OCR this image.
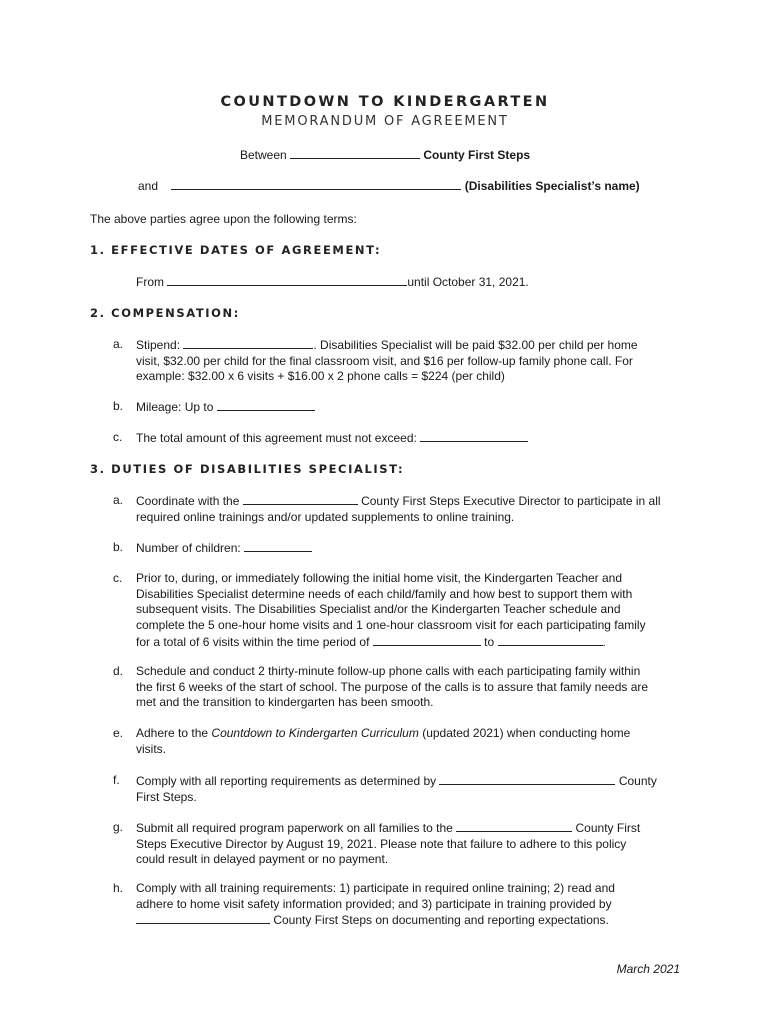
COUNTDOWN TO KINDERGARTEN
MEMORANDUM OF AGREEMENT
Between	County First Steps
and	(Disabilities Specialist’s name)
The above parties agree upon the following terms:
1. EFFECTIVE DATES OF AGREEMENT:
From	until October 31, 2021.
2. COMPENSATION:
a. Stipend:	. Disabilities Specialist will be paid $32.00 per child per home
visit, $32.00 per child for the final classroom visit, and $16 per follow-up family phone call. For
example: $32.00 x 6 visits + $16.00 x 2 phone calls = $224 (per child)
b. Mileage: Up to
c. The total amount of this agreement must not exceed:
3. DUTIES OF DISABILITIES SPECIALIST:
a. Coordinate with the	County First Steps Executive Director to participate in all
required online trainings and/or updated supplements to online training.
b. Number of children:
c. Prior to, during, or immediately following the initial home visit, the Kindergarten Teacher and
Disabilities Specialist determine needs of each child/family and how best to support them with
subsequent visits. The Disabilities Specialist and/or the Kindergarten Teacher schedule and
complete the 5 one-hour home visits and 1 one-hour classroom visit for each participating family
for a total of 6 visits within the time period of	to	.
d. Schedule and conduct 2 thirty-minute follow-up phone calls with each participating family within
the first 6 weeks of the start of school. The purpose of the calls is to assure that family needs are
met and the transition to kindergarten has been smooth.
e. Adhere to the Countdown to Kindergarten Curriculum (updated 2021) when conducting home
visits.
f. Comply with all reporting requirements as determined by	County
First Steps.
g. Submit all required program paperwork on all families to the	County First
Steps Executive Director by August 19, 2021. Please note that failure to adhere to this policy
could result in delayed payment or no payment.
h. Comply with all training requirements: 1) participate in required online training; 2) read and
adhere to home visit safety information provided; and 3) participate in training provided by
County First Steps on documenting and reporting expectations.
March 2021
